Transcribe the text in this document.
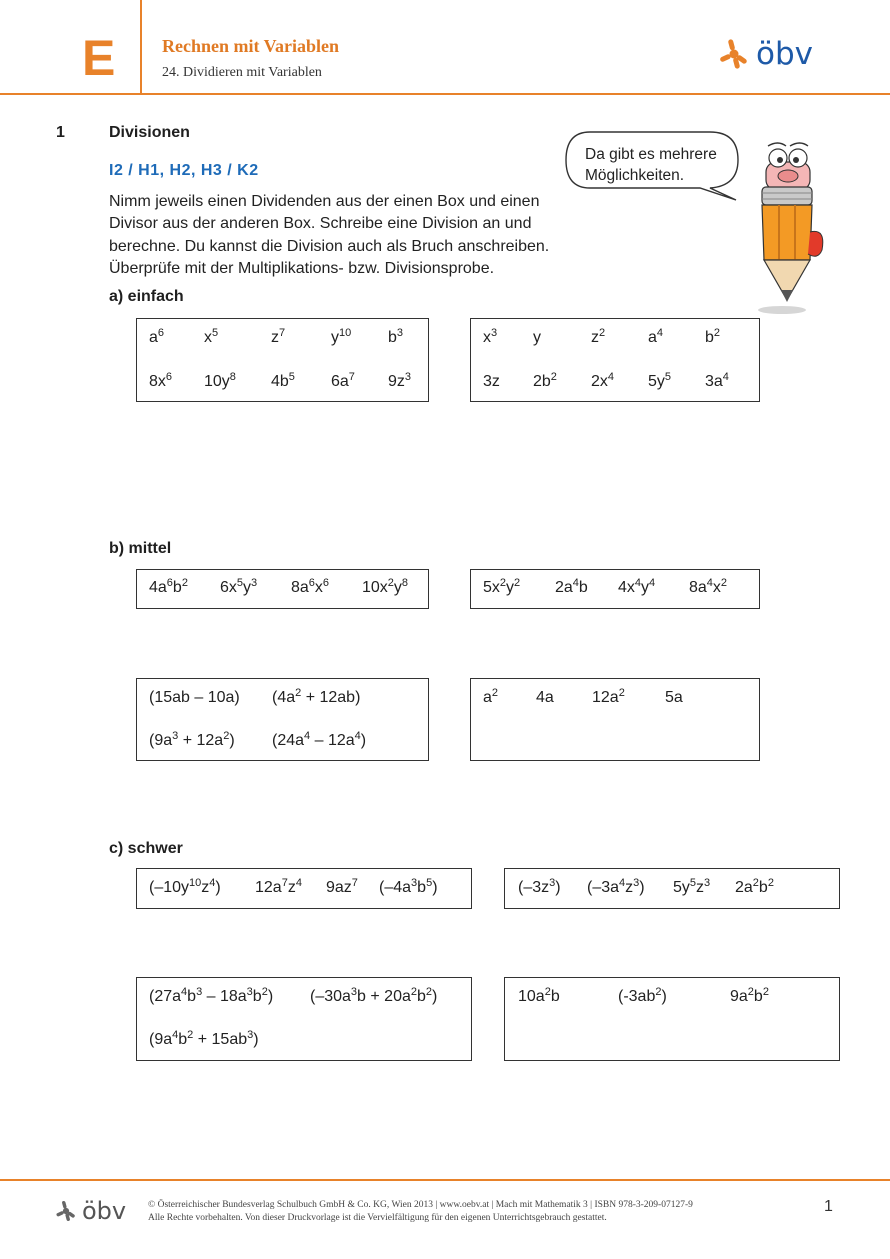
E	Rechnen mit Variablen
24. Dividieren mit Variablen
öbv
1	Divisionen
I2 / H1, H2, H3 / K2
Nimm jeweils einen Dividenden aus der einen Box und einen
Divisor aus der anderen Box. Schreibe eine Division an und
berechne. Du kannst die Division auch als Bruch anschreiben.
Überprüfe mit der Multiplikations- bzw. Divisionsprobe.
Da gibt es mehrere
Möglichkeiten.
a) einfach
$a^6$ $x^5$	$z^7$	$y^{10}$ $b^3$
$8x^6$ $10y^8$ $4b^5$ $6a^7$ $9z^3$
$x^3$ y	$z^2$	$a^4$	$b^2$
3z $2b^2$ $2x^4$ $5y^5$ $3a^4$
b) mittel
$4a^6b^2$ $6x^5y^3$ $8a^6x^6$ $10x^2y^8$	$5x^2y^2$ $2a^4b$ $4x^4y^4$ $8a^4x^2$
(15ab – 10a) $(4a^2 + 12ab)$
$(9a^3 + 12a^2)$ $(24a^4 - 12a^4)$
$a^2$ 4a $12a^2$	5a
c) schwer
$(-10y^{10}z^4)$ $12a^7z^4$ $9az^7$ $(-4a^3b^5)$	$(-3z^3)$ $(-3a^4z^3)$ $5y^5z^3$ $2a^2b^2$
$(27a^4b^3 - 18a^3b^2) (-30a^3b + 20a^2b^2)$
$(9a^4b^2 + 15ab^3)$
$10a^2b$	$(-3ab^2)$	$9a^2b^2$
öbv © Österreichischer Bundesverlag Schulbuch GmbH & Co. KG, Wien 2013 | www.oebv.at | Mach mit Mathematik 3 | ISBN 978-3-209-07127-9
Alle Rechte vorbehalten. Von dieser Druckvorlage ist die Vervielfältigung für den eigenen Unterrichtsgebrauch gestattet.
1
